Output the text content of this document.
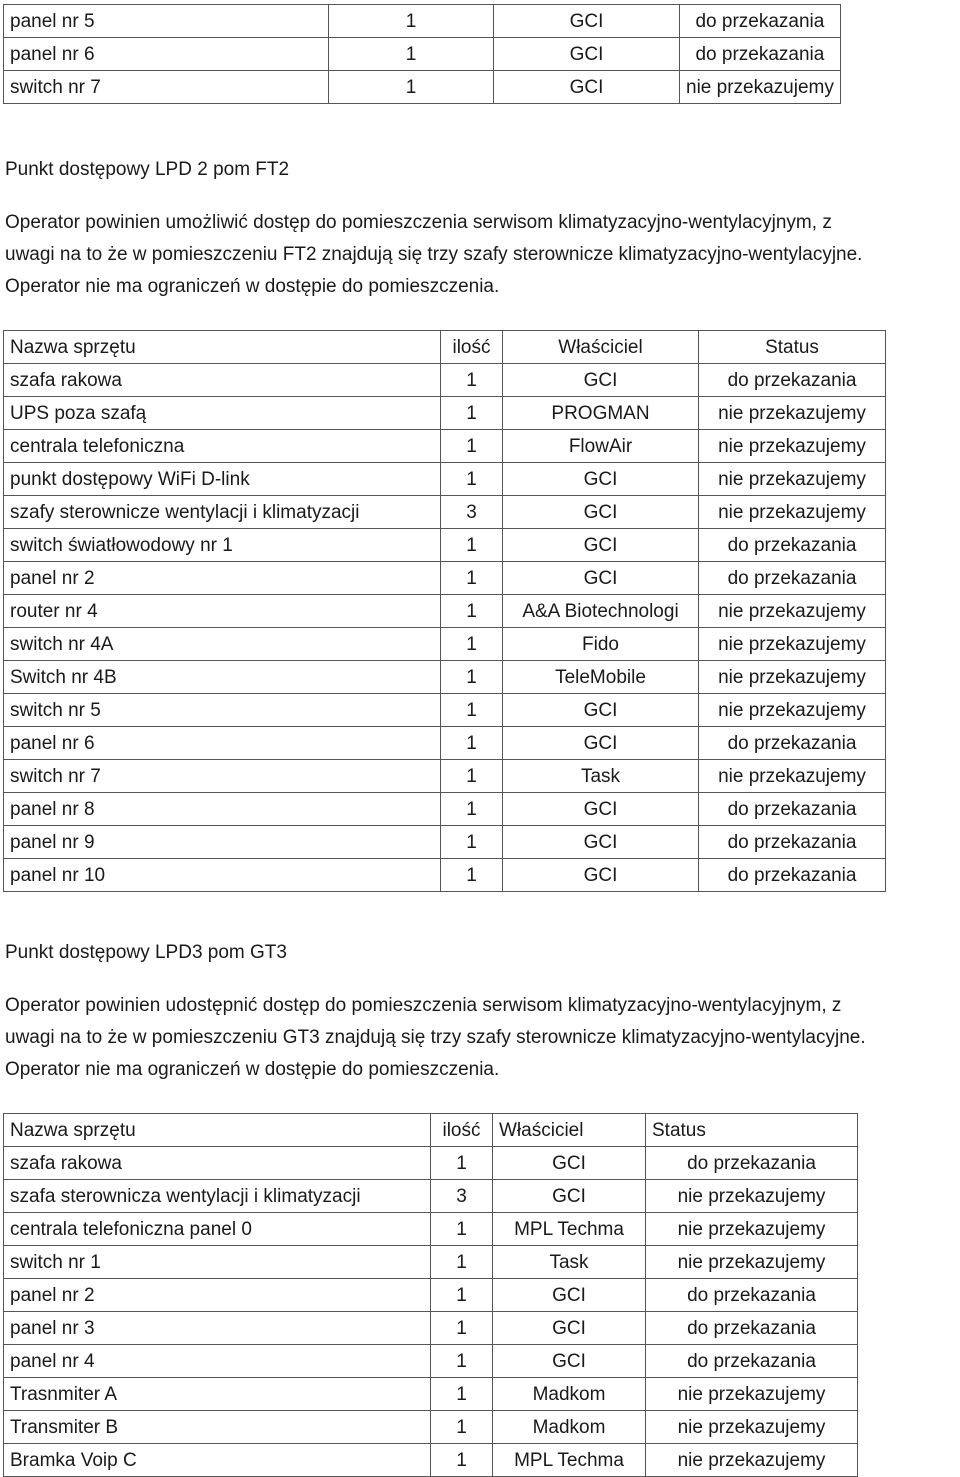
panel nr 5	1	GCI	do przekazania
panel nr 6	1	GCI	do przekazania
switch nr 7	1	GCI	nie przekazujemy

Punkt dostępowy LPD 2 pom FT2

Operator powinien umożliwić dostęp do pomieszczenia serwisom klimatyzacyjno-wentylacyjnym, z
uwagi na to że w pomieszczeniu FT2 znajdują się trzy szafy sterownicze klimatyzacyjno-wentylacyjne.
Operator nie ma ograniczeń w dostępie do pomieszczenia.
Nazwa sprzętu	ilość	Właściciel	Status
szafa rakowa	1	GCI	do przekazania
UPS poza szafą	1	PROGMAN	nie przekazujemy
centrala telefoniczna	1	FlowAir	nie przekazujemy
punkt dostępowy WiFi D-link	1	GCI	nie przekazujemy
szafy sterownicze wentylacji i klimatyzacji	3	GCI	nie przekazujemy
switch światłowodowy nr 1	1	GCI	do przekazania
panel nr 2	1	GCI	do przekazania
router nr 4	1	A&A Biotechnologi	nie przekazujemy
switch nr 4A	1	Fido	nie przekazujemy
Switch nr 4B	1	TeleMobile	nie przekazujemy
switch nr 5	1	GCI	nie przekazujemy
panel nr 6	1	GCI	do przekazania
switch nr 7	1	Task	nie przekazujemy
panel nr 8	1	GCI	do przekazania
panel nr 9	1	GCI	do przekazania
panel nr 10	1	GCI	do przekazania

Punkt dostępowy LPD3 pom GT3

Operator powinien udostępnić dostęp do pomieszczenia serwisom klimatyzacyjno-wentylacyjnym, z
uwagi na to że w pomieszczeniu GT3 znajdują się trzy szafy sterownicze klimatyzacyjno-wentylacyjne.
Operator nie ma ograniczeń w dostępie do pomieszczenia.
Nazwa sprzętu	ilość	Właściciel	Status
szafa rakowa	1	GCI	do przekazania
szafa sterownicza wentylacji i klimatyzacji	3	GCI	nie przekazujemy
centrala telefoniczna panel 0	1	MPL Techma	nie przekazujemy
switch nr 1	1	Task	nie przekazujemy
panel nr 2	1	GCI	do przekazania
panel nr 3	1	GCI	do przekazania
panel nr 4	1	GCI	do przekazania
Trasnmiter A	1	Madkom	nie przekazujemy
Transmiter B	1	Madkom	nie przekazujemy
Bramka Voip C	1	MPL Techma	nie przekazujemy
